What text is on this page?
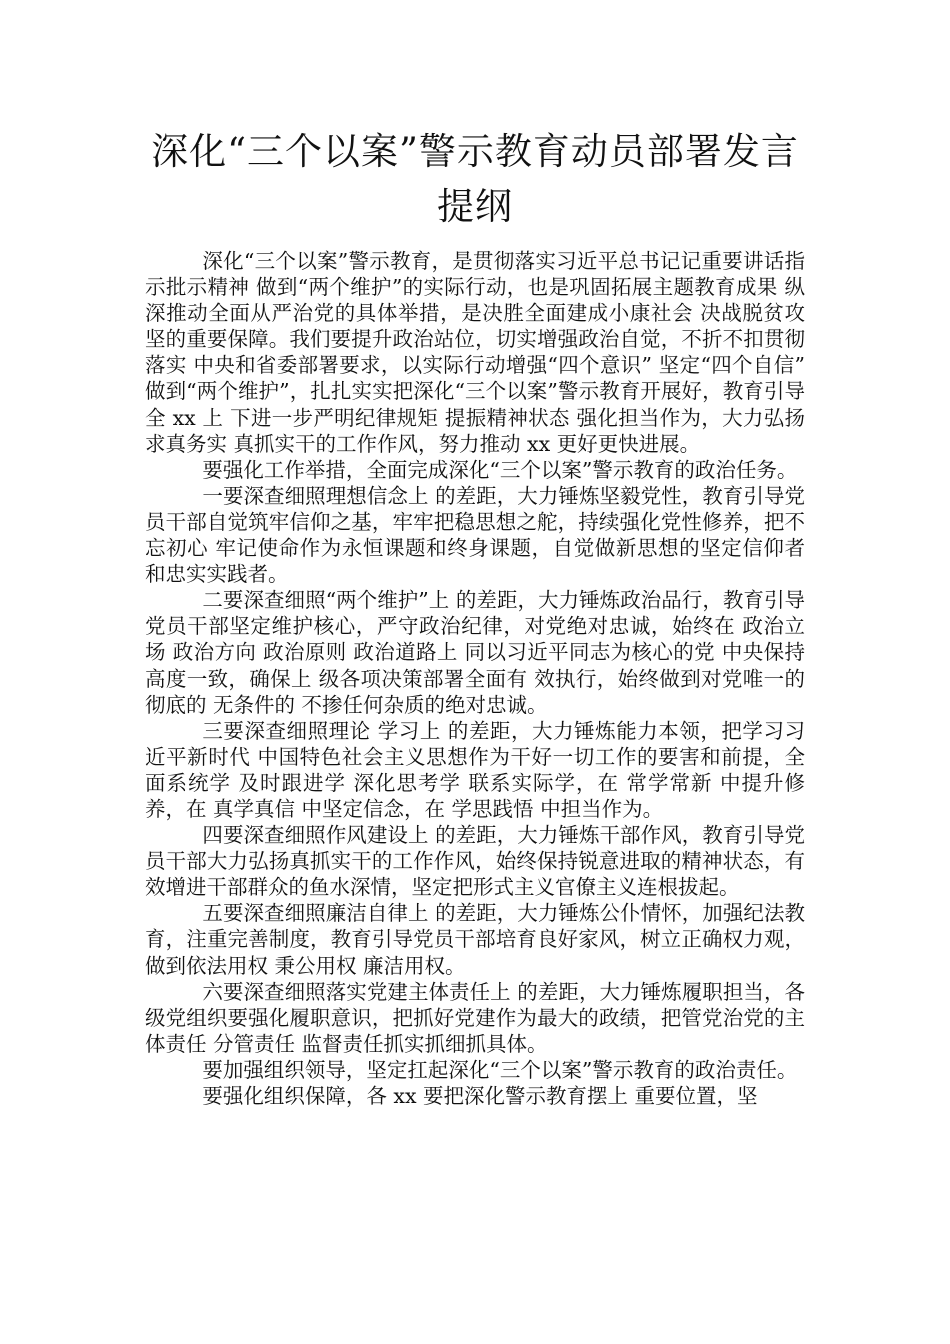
深化“三个以案”警示教育动员部署发言提纲

深化“三个以案”警示教育，是贯彻落实习近平总书记记重要讲话指示批示精神 做到“两个维护”的实际行动，也是巩固拓展主题教育成果 纵深推动全面从严治党的具体举措，是决胜全面建成小康社会 决战脱贫攻坚的重要保障。我们要提升政治站位，切实增强政治自觉，不折不扣贯彻落实 中央和省委部署要求，以实际行动增强“四个意识” 坚定“四个自信” 做到“两个维护”，扎扎实实把深化“三个以案”警示教育开展好，教育引导全 xx 上 下进一步严明纪律规矩 提振精神状态 强化担当作为，大力弘扬求真务实 真抓实干的工作作风，努力推动 xx 更好更快进展。

要强化工作举措，全面完成深化“三个以案”警示教育的政治任务。

一要深查细照理想信念上 的差距，大力锤炼坚毅党性，教育引导党员干部自觉筑牢信仰之基，牢牢把稳思想之舵，持续强化党性修养，把不忘初心 牢记使命作为永恒课题和终身课题，自觉做新思想的坚定信仰者和忠实实践者。

二要深查细照“两个维护”上 的差距，大力锤炼政治品行，教育引导党员干部坚定维护核心，严守政治纪律，对党绝对忠诚，始终在 政治立场 政治方向 政治原则 政治道路上 同以习近平同志为核心的党 中央保持高度一致，确保上 级各项决策部署全面有 效执行，始终做到对党唯一的 彻底的 无条件的 不掺任何杂质的绝对忠诚。

三要深查细照理论 学习上 的差距，大力锤炼能力本领，把学习习近平新时代 中国特色社会主义思想作为干好一切工作的要害和前提，全面系统学 及时跟进学 深化思考学 联系实际学，在 常学常新 中提升修养，在 真学真信 中坚定信念，在 学思践悟 中担当作为。

四要深查细照作风建设上 的差距，大力锤炼干部作风，教育引导党员干部大力弘扬真抓实干的工作作风，始终保持锐意进取的精神状态，有 效增进干部群众的鱼水深情，坚定把形式主义官僚主义连根拔起。

五要深查细照廉洁自律上 的差距，大力锤炼公仆情怀，加强纪法教育，注重完善制度，教育引导党员干部培育良好家风，树立正确权力观，做到依法用权 秉公用权 廉洁用权。

六要深查细照落实党建主体责任上 的差距，大力锤炼履职担当，各级党组织要强化履职意识，把抓好党建作为最大的政绩，把管党治党的主体责任 分管责任 监督责任抓实抓细抓具体。

要加强组织领导，坚定扛起深化“三个以案”警示教育的政治责任。

要强化组织保障，各 xx 要把深化警示教育摆上 重要位置，坚
